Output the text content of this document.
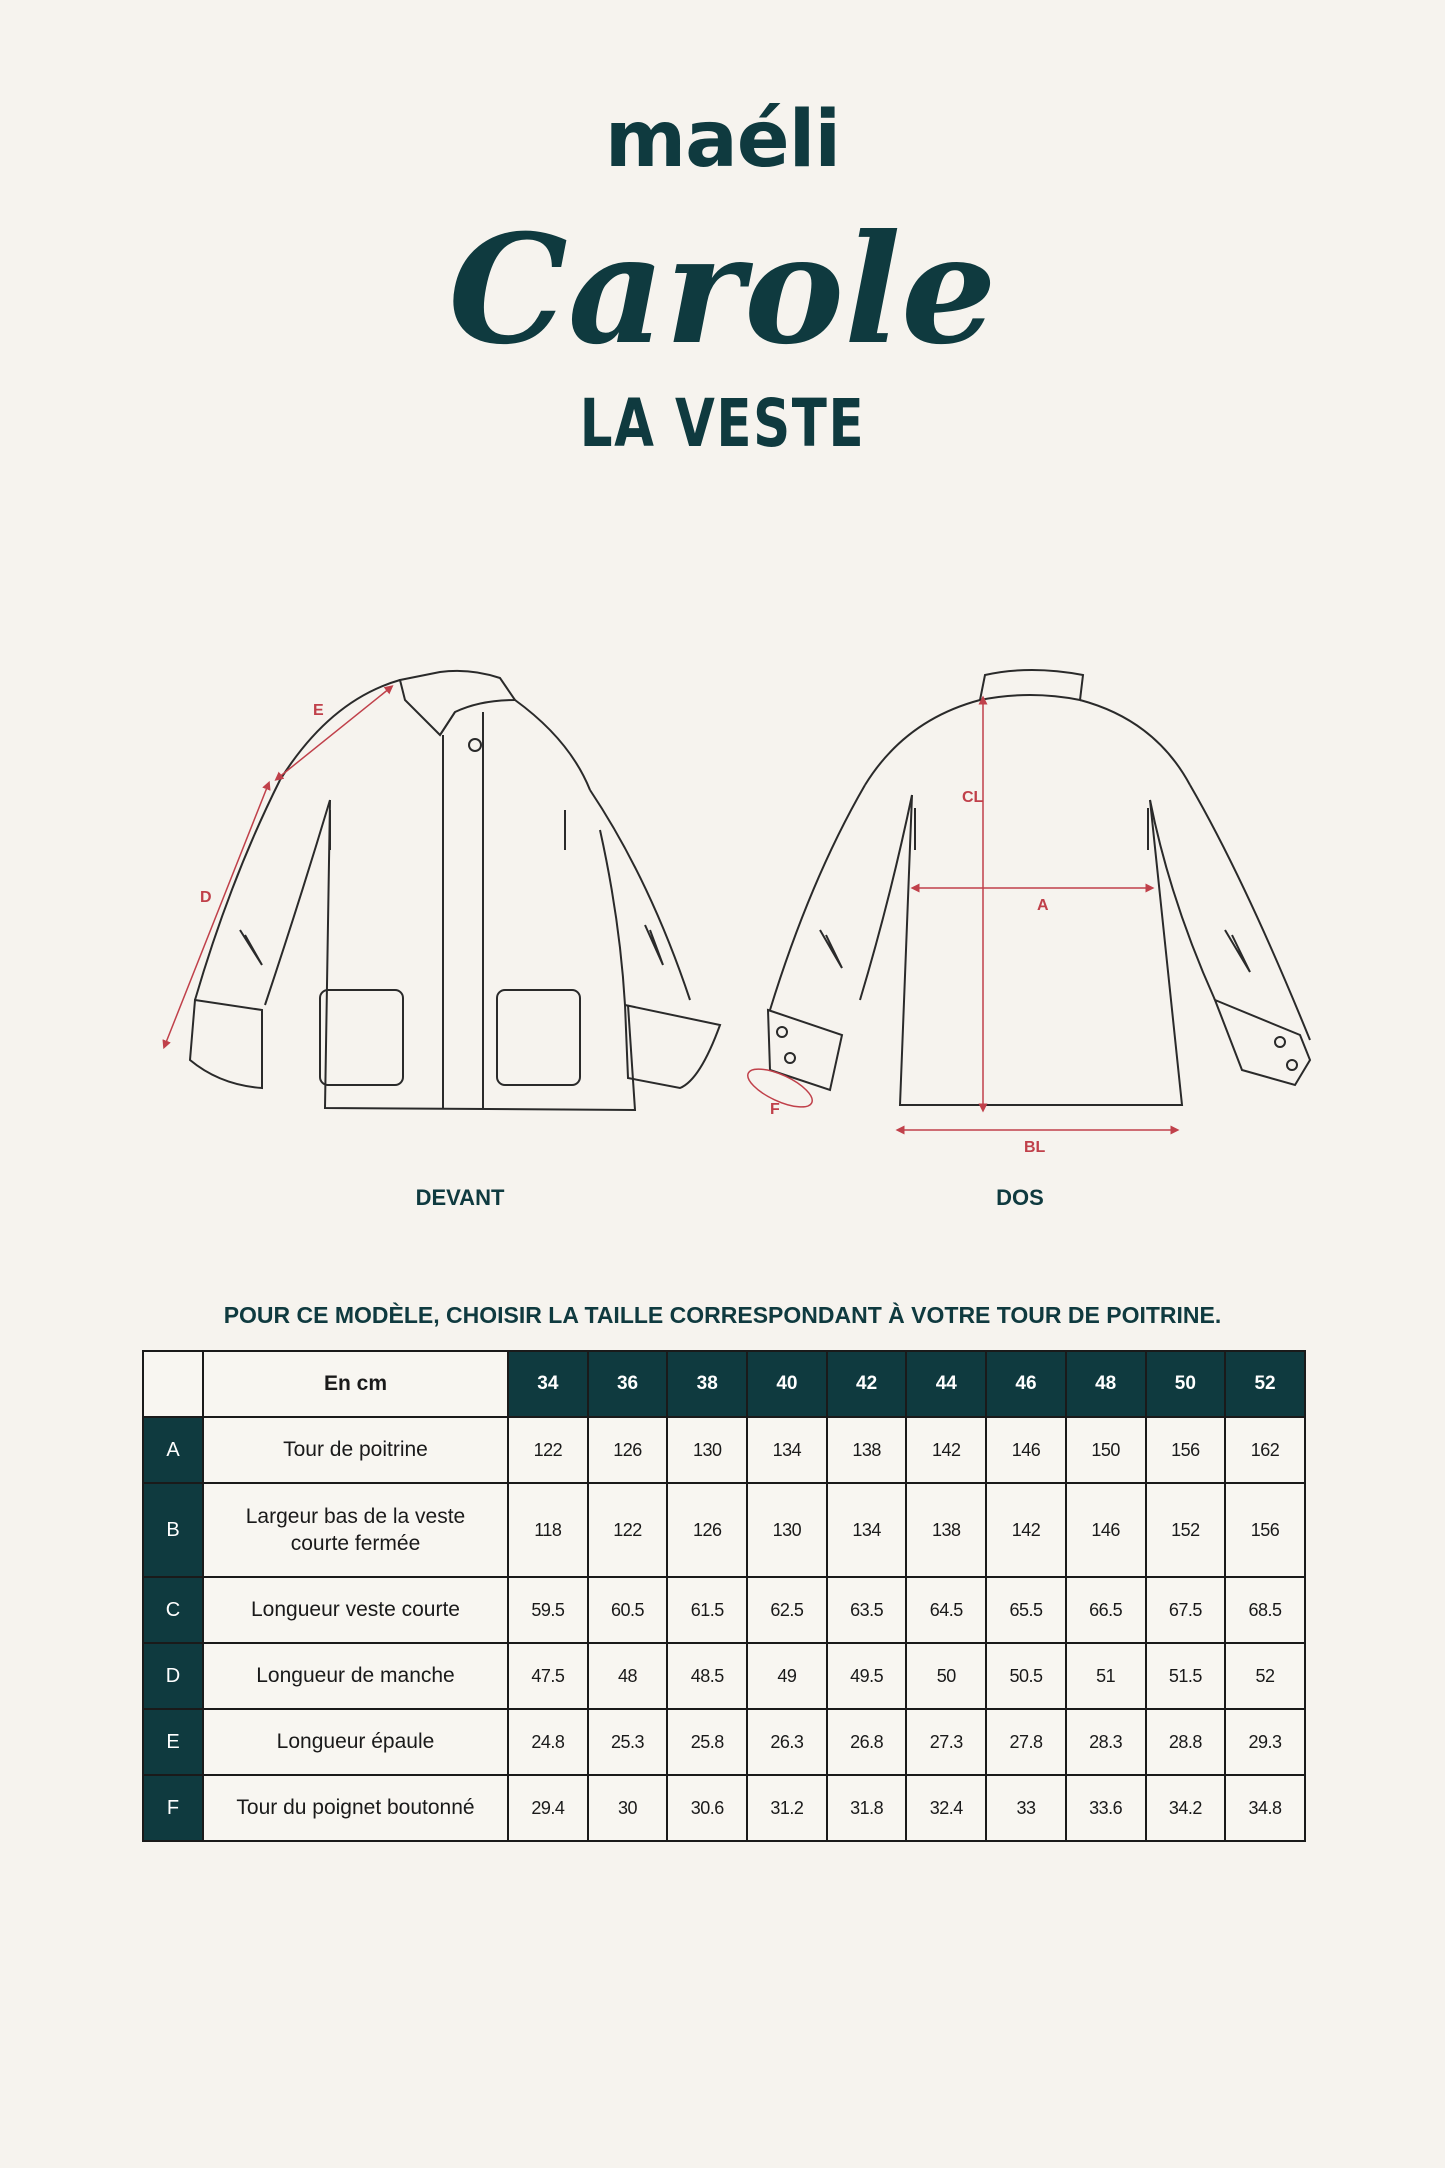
maéli
Carole
LA VESTE
E
D
CL
A
F
BL
DEVANT	DOS
POUR CE MODÈLE, CHOISIR LA TAILLE CORRESPONDANT À VOTRE TOUR DE POITRINE.
	En cm	34	36	38	40	42	44	46	48	50	52
A	Tour de poitrine	122	126	130	134	138	142	146	150	156	162
B	Largeur bas de la veste courte fermée	118	122	126	130	134	138	142	146	152	156
C	Longueur veste courte	59.5	60.5	61.5	62.5	63.5	64.5	65.5	66.5	67.5	68.5
D	Longueur de manche	47.5	48	48.5	49	49.5	50	50.5	51	51.5	52
E	Longueur épaule	24.8	25.3	25.8	26.3	26.8	27.3	27.8	28.3	28.8	29.3
F	Tour du poignet boutonné	29.4	30	30.6	31.2	31.8	32.4	33	33.6	34.2	34.8
